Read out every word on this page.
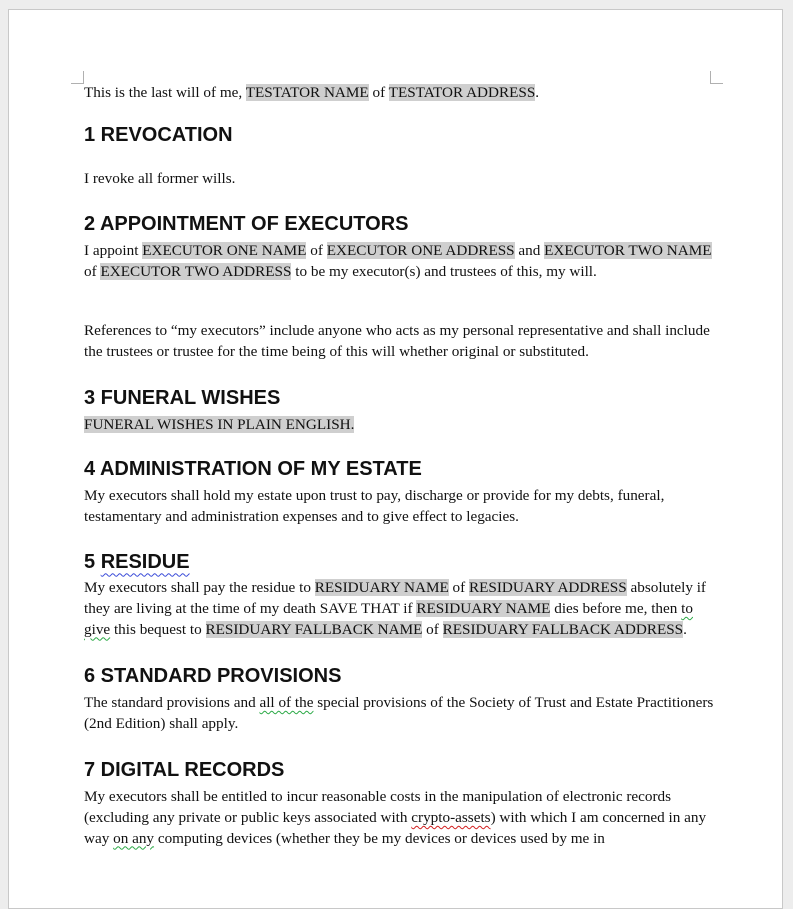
This is the last will of me, TESTATOR NAME of TESTATOR ADDRESS.

1 REVOCATION

I revoke all former wills.

2 APPOINTMENT OF EXECUTORS

I appoint EXECUTOR ONE NAME of EXECUTOR ONE ADDRESS and EXECUTOR TWO NAME of EXECUTOR TWO ADDRESS to be my executor(s) and trustees of this, my will.

References to “my executors” include anyone who acts as my personal representative and shall include the trustees or trustee for the time being of this will whether original or substituted.

3 FUNERAL WISHES

FUNERAL WISHES IN PLAIN ENGLISH.

4 ADMINISTRATION OF MY ESTATE

My executors shall hold my estate upon trust to pay, discharge or provide for my debts, funeral, testamentary and administration expenses and to give effect to legacies.

5 RESIDUE

My executors shall pay the residue to RESIDUARY NAME of RESIDUARY ADDRESS absolutely if they are living at the time of my death SAVE THAT if RESIDUARY NAME dies before me, then to give this bequest to RESIDUARY FALLBACK NAME of RESIDUARY FALLBACK ADDRESS.

6 STANDARD PROVISIONS

The standard provisions and all of the special provisions of the Society of Trust and Estate Practitioners (2nd Edition) shall apply.

7 DIGITAL RECORDS

My executors shall be entitled to incur reasonable costs in the manipulation of electronic records (excluding any private or public keys associated with crypto-assets) with which I am concerned in any way on any computing devices (whether they be my devices or devices used by me in
